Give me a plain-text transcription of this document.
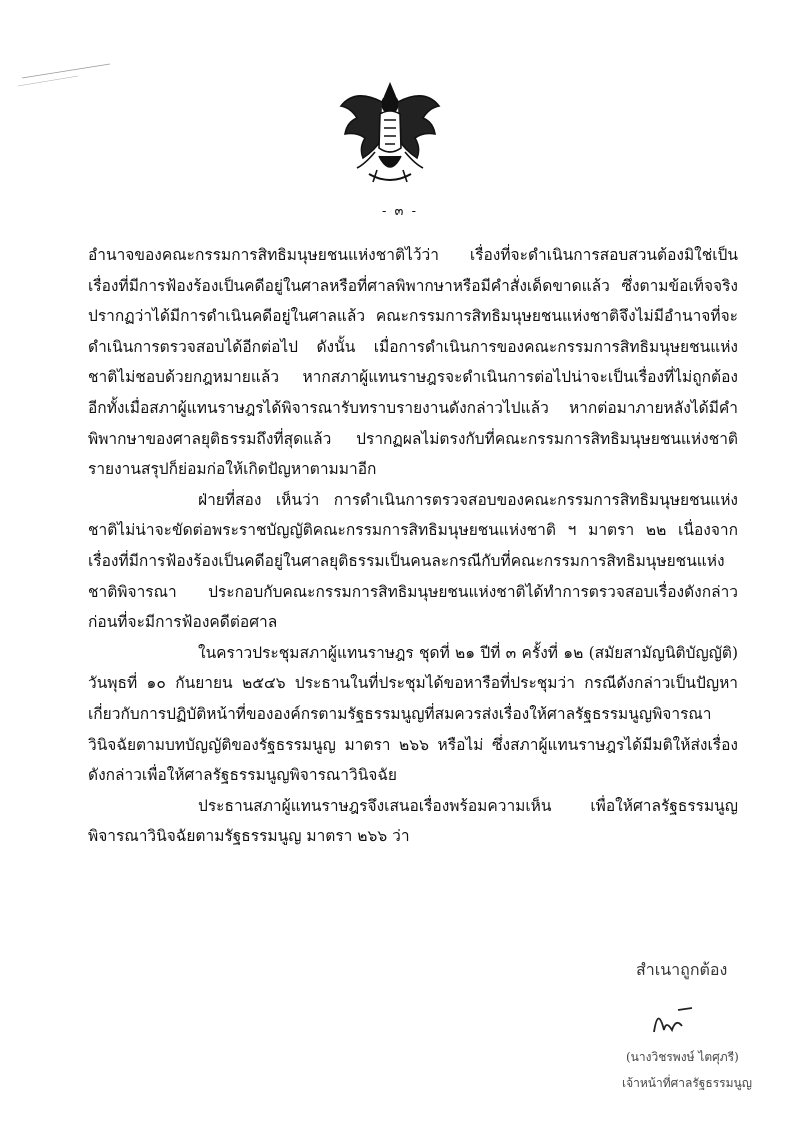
- ๓ -

อำนาจของคณะกรรมการสิทธิมนุษยชนแห่งชาติไว้ว่า เรื่องที่จะดำเนินการสอบสวนต้องมิใช่เป็นเรื่องที่มีการฟ้องร้องเป็นคดีอยู่ในศาลหรือที่ศาลพิพากษาหรือมีคำสั่งเด็ดขาดแล้ว ซึ่งตามข้อเท็จจริงปรากฏว่าได้มีการดำเนินคดีอยู่ในศาลแล้ว คณะกรรมการสิทธิมนุษยชนแห่งชาติจึงไม่มีอำนาจที่จะดำเนินการตรวจสอบได้อีกต่อไป ดังนั้น เมื่อการดำเนินการของคณะกรรมการสิทธิมนุษยชนแห่งชาติไม่ชอบด้วยกฎหมายแล้ว หากสภาผู้แทนราษฎรจะดำเนินการต่อไปน่าจะเป็นเรื่องที่ไม่ถูกต้อง อีกทั้งเมื่อสภาผู้แทนราษฎรได้พิจารณารับทราบรายงานดังกล่าวไปแล้ว หากต่อมาภายหลังได้มีคำพิพากษาของศาลยุติธรรมถึงที่สุดแล้ว ปรากฏผลไม่ตรงกับที่คณะกรรมการสิทธิมนุษยชนแห่งชาติรายงานสรุปก็ย่อมก่อให้เกิดปัญหาตามมาอีก

ฝ่ายที่สอง เห็นว่า การดำเนินการตรวจสอบของคณะกรรมการสิทธิมนุษยชนแห่งชาติไม่น่าจะขัดต่อพระราชบัญญัติคณะกรรมการสิทธิมนุษยชนแห่งชาติ ฯ มาตรา ๒๒ เนื่องจากเรื่องที่มีการฟ้องร้องเป็นคดีอยู่ในศาลยุติธรรมเป็นคนละกรณีกับที่คณะกรรมการสิทธิมนุษยชนแห่งชาติพิจารณา ประกอบกับคณะกรรมการสิทธิมนุษยชนแห่งชาติได้ทำการตรวจสอบเรื่องดังกล่าวก่อนที่จะมีการฟ้องคดีต่อศาล

ในคราวประชุมสภาผู้แทนราษฎร ชุดที่ ๒๑ ปีที่ ๓ ครั้งที่ ๑๒ (สมัยสามัญนิติบัญญัติ) วันพุธที่ ๑๐ กันยายน ๒๕๔๖ ประธานในที่ประชุมได้ขอหารือที่ประชุมว่า กรณีดังกล่าวเป็นปัญหาเกี่ยวกับการปฏิบัติหน้าที่ขององค์กรตามรัฐธรรมนูญที่สมควรส่งเรื่องให้ศาลรัฐธรรมนูญพิจารณาวินิจฉัยตามบทบัญญัติของรัฐธรรมนูญ มาตรา ๒๖๖ หรือไม่ ซึ่งสภาผู้แทนราษฎรได้มีมติให้ส่งเรื่องดังกล่าวเพื่อให้ศาลรัฐธรรมนูญพิจารณาวินิจฉัย

ประธานสภาผู้แทนราษฎรจึงเสนอเรื่องพร้อมความเห็น เพื่อให้ศาลรัฐธรรมนูญพิจารณาวินิจฉัยตามรัฐธรรมนูญ มาตรา ๒๖๖ ว่า

สำเนาถูกต้อง
(นางวิชรพงษ์ ไตศุภรี)
เจ้าหน้าที่ศาลรัฐธรรมนูญ
